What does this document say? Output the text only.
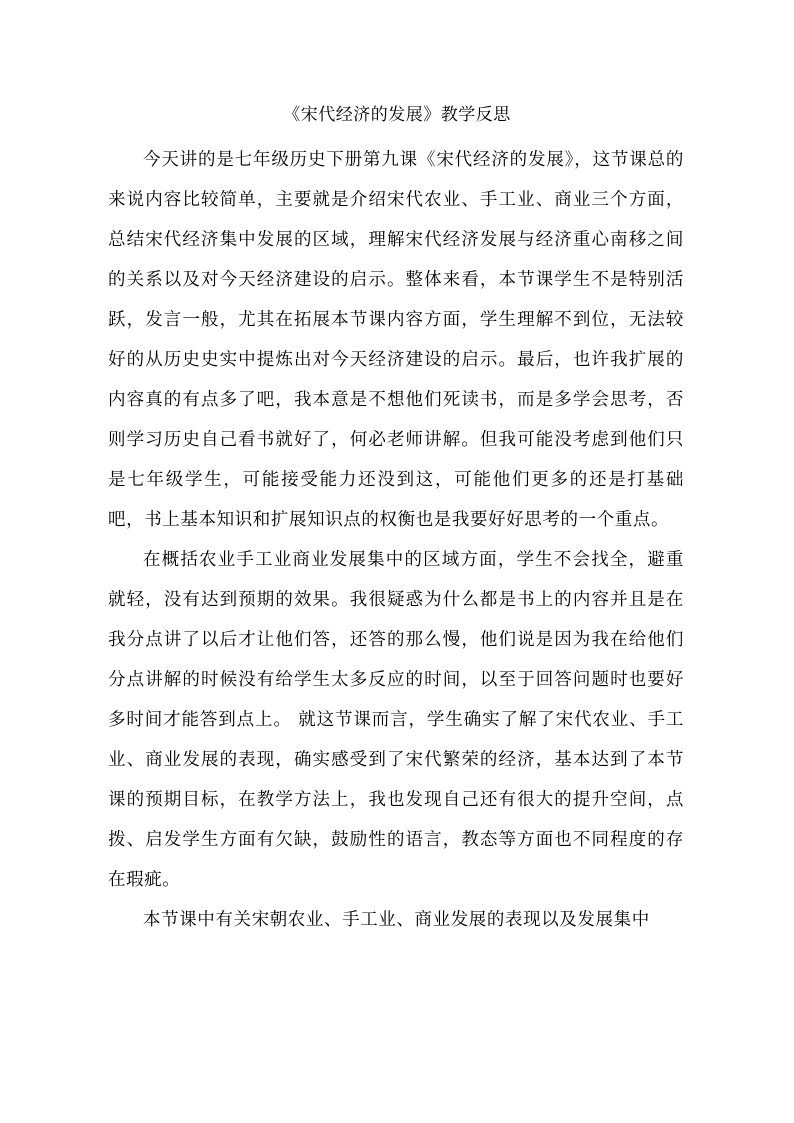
《宋代经济的发展》教学反思

今天讲的是七年级历史下册第九课《宋代经济的发展》，这节课总的来说内容比较简单，主要就是介绍宋代农业、手工业、商业三个方面，总结宋代经济集中发展的区域，理解宋代经济发展与经济重心南移之间的关系以及对今天经济建设的启示。整体来看，本节课学生不是特别活跃，发言一般，尤其在拓展本节课内容方面，学生理解不到位，无法较好的从历史史实中提炼出对今天经济建设的启示。最后，也许我扩展的内容真的有点多了吧，我本意是不想他们死读书，而是多学会思考，否则学习历史自己看书就好了，何必老师讲解。但我可能没考虑到他们只是七年级学生，可能接受能力还没到这，可能他们更多的还是打基础吧，书上基本知识和扩展知识点的权衡也是我要好好思考的一个重点。

在概括农业手工业商业发展集中的区域方面，学生不会找全，避重就轻，没有达到预期的效果。我很疑惑为什么都是书上的内容并且是在我分点讲了以后才让他们答，还答的那么慢，他们说是因为我在给他们分点讲解的时候没有给学生太多反应的时间，以至于回答问题时也要好多时间才能答到点上。 就这节课而言，学生确实了解了宋代农业、手工业、商业发展的表现，确实感受到了宋代繁荣的经济，基本达到了本节课的预期目标，在教学方法上，我也发现自己还有很大的提升空间，点拨、启发学生方面有欠缺，鼓励性的语言，教态等方面也不同程度的存在瑕疵。

本节课中有关宋朝农业、手工业、商业发展的表现以及发展集中
